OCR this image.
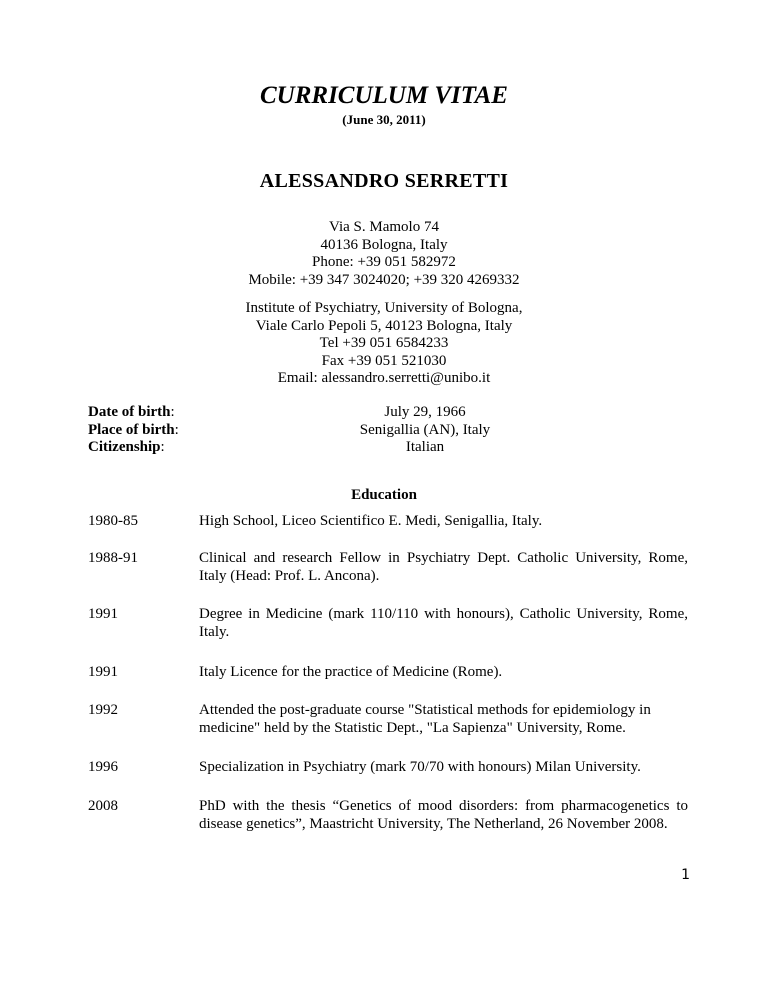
CURRICULUM VITAE
(June 30, 2011)
ALESSANDRO SERRETTI
Via S. Mamolo 74
40136 Bologna, Italy
Phone: +39 051 582972
Mobile: +39 347 3024020; +39 320 4269332
Institute of Psychiatry, University of Bologna,
Viale Carlo Pepoli 5, 40123 Bologna, Italy
Tel +39 051 6584233
Fax +39 051 521030
Email: alessandro.serretti@unibo.it
Date of birth:	July 29, 1966
Place of birth:	Senigallia (AN), Italy
Citizenship:	Italian
Education
1980-85	High School, Liceo Scientifico E. Medi, Senigallia, Italy.
1988-91	Clinical and research Fellow in Psychiatry Dept. Catholic University, Rome, Italy (Head: Prof. L. Ancona).
1991	Degree in Medicine (mark 110/110 with honours), Catholic University, Rome, Italy.
1991	Italy Licence for the practice of Medicine (Rome).
1992	Attended the post-graduate course "Statistical methods for epidemiology in medicine" held by the Statistic Dept., "La Sapienza" University, Rome.
1996	Specialization in Psychiatry (mark 70/70 with honours) Milan University.
2008	PhD with the thesis “Genetics of mood disorders: from pharmacogenetics to disease genetics”, Maastricht University, The Netherland, 26 November 2008.
1
